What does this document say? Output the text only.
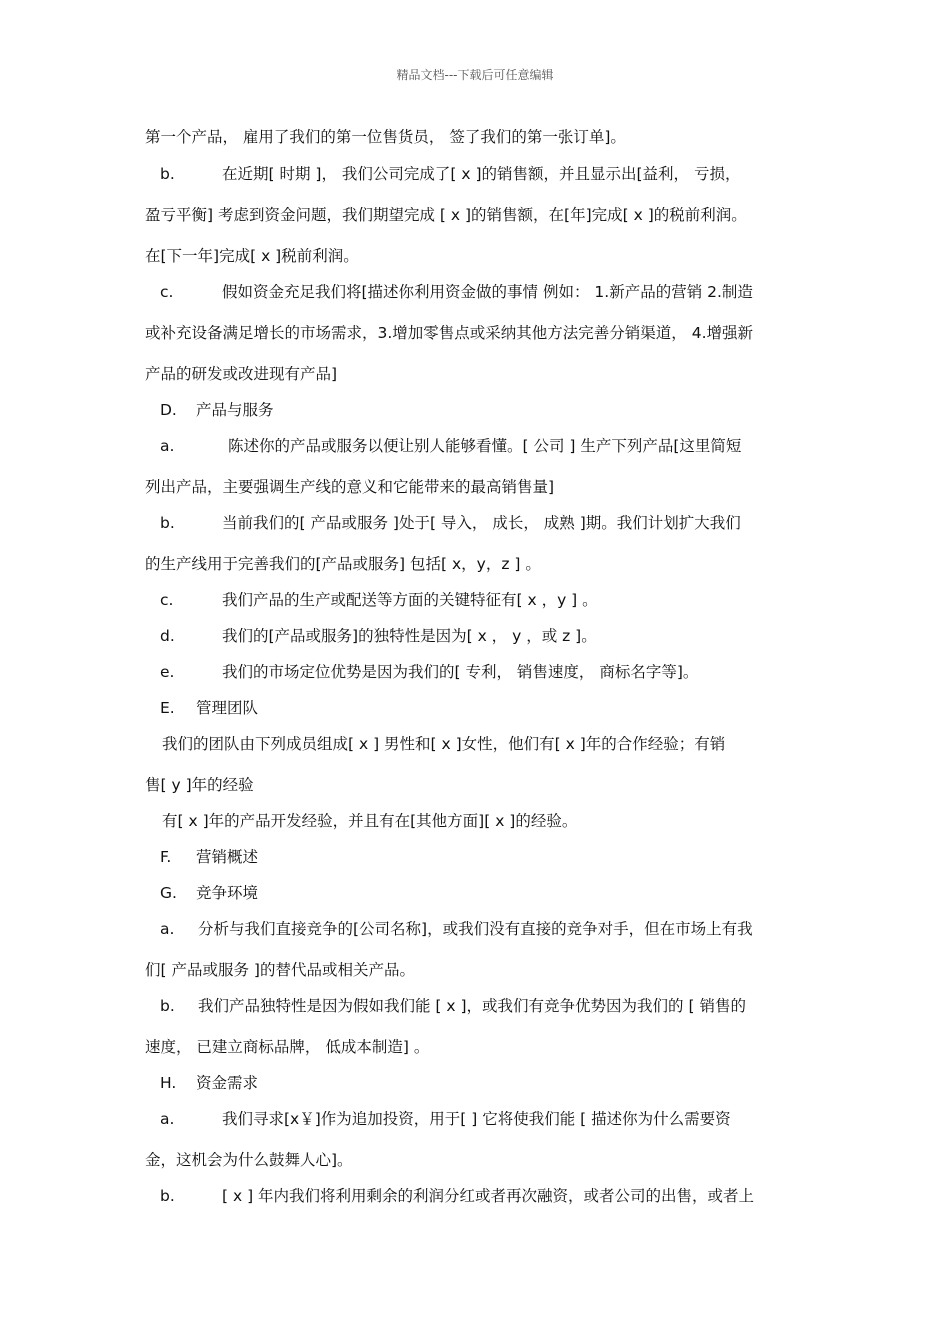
精品文档---下载后可任意编辑
第一个产品， 雇用了我们的第一位售货员， 签了我们的第一张订单]。
b.	在近期[ 时期 ]， 我们公司完成了[ x ]的销售额，并且显示出[益利， 亏损，
盈亏平衡] 考虑到资金问题，我们期望完成 [ x ]的销售额，在[年]完成[ x ]的税前利润。
在[下一年]完成[ x ]税前利润。
c.	假如资金充足我们将[描述你利用资金做的事情 例如： 1.新产品的营销 2.制造
或补充设备满足增长的市场需求，3.增加零售点或采纳其他方法完善分销渠道， 4.增强新
产品的研发或改进现有产品]
D. 产品与服务
a.	陈述你的产品或服务以便让别人能够看懂。[ 公司 ] 生产下列产品[这里简短
列出产品，主要强调生产线的意义和它能带来的最高销售量]
b.	当前我们的[ 产品或服务 ]处于[ 导入， 成长， 成熟 ]期。我们计划扩大我们
的生产线用于完善我们的[产品或服务] 包括[ x，y，z ] 。
c.	我们产品的生产或配送等方面的关键特征有[ x ，y ] 。
d.	我们的[产品或服务]的独特性是因为[ x ， y ，或 z ]。
e.	我们的市场定位优势是因为我们的[ 专利， 销售速度， 商标名字等]。
E. 管理团队
我们的团队由下列成员组成[ x ] 男性和[ x ]女性，他们有[ x ]年的合作经验；有销
售[ y ]年的经验
有[ x ]年的产品开发经验，并且有在[其他方面][ x ]的经验。
F. 营销概述
G. 竞争环境
a. 分析与我们直接竞争的[公司名称]，或我们没有直接的竞争对手，但在市场上有我
们[ 产品或服务 ]的替代品或相关产品。
b. 我们产品独特性是因为假如我们能 [ x ]，或我们有竞争优势因为我们的 [ 销售的
速度， 已建立商标品牌， 低成本制造] 。
H. 资金需求
a.	我们寻求[x￥]作为追加投资，用于[ ] 它将使我们能 [ 描述你为什么需要资
金，这机会为什么鼓舞人心]。
b.	[ x ] 年内我们将利用剩余的利润分红或者再次融资，或者公司的出售，或者上
